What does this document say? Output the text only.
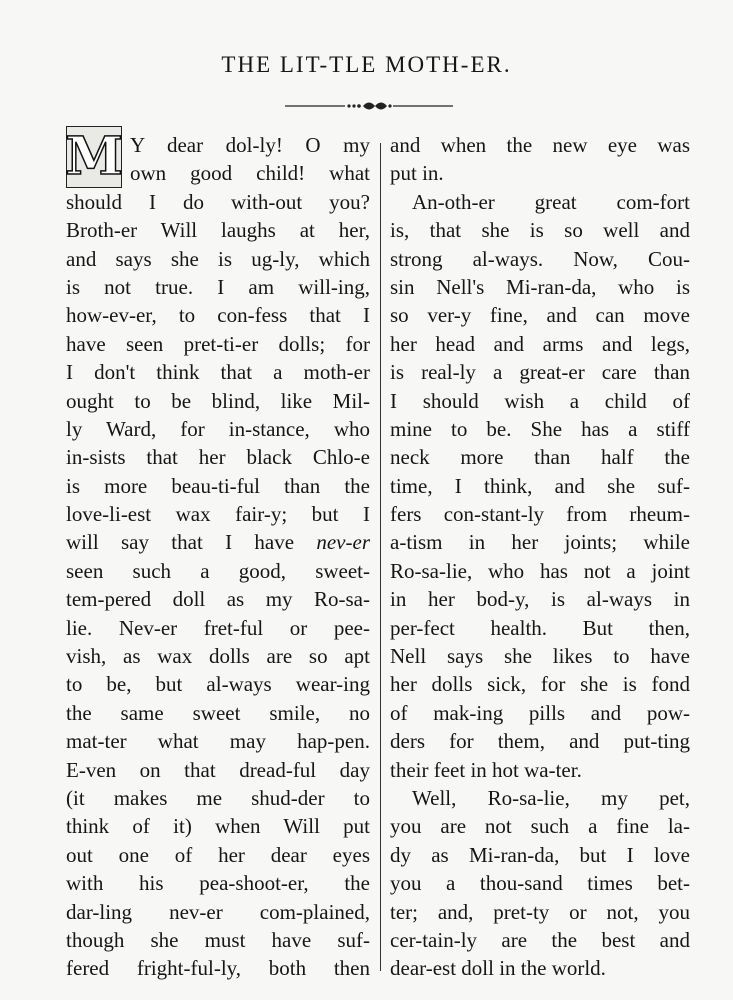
THE LIT-TLE MOTH-ER.
M Y dear dol-ly! O my
own good child! what
should I do with-out you?
Broth-er Will laughs at her,
and says she is ug-ly, which
is not true. I am will-ing,
how-ev-er, to con-fess that I
have seen pret-ti-er dolls; for
I don't think that a moth-er
ought to be blind, like Mil-
ly Ward, for in-stance, who
in-sists that her black Chlo-e
is more beau-ti-ful than the
love-li-est wax fair-y; but I
will say that I have nev-er
seen such a good, sweet-
tem-pered doll as my Ro-sa-
lie. Nev-er fret-ful or pee-
vish, as wax dolls are so apt
to be, but al-ways wear-ing
the same sweet smile, no
mat-ter what may hap-pen.
E-ven on that dread-ful day
(it makes me shud-der to
think of it) when Will put
out one of her dear eyes
with his pea-shoot-er, the
dar-ling nev-er com-plained,
though she must have suf-
fered fright-ful-ly, both then
and when the new eye was
put in.
An-oth-er great com-fort
is, that she is so well and
strong al-ways. Now, Cou-
sin Nell's Mi-ran-da, who is
so ver-y fine, and can move
her head and arms and legs,
is real-ly a great-er care than
I should wish a child of
mine to be. She has a stiff
neck more than half the
time, I think, and she suf-
fers con-stant-ly from rheum-
a-tism in her joints; while
Ro-sa-lie, who has not a joint
in her bod-y, is al-ways in
per-fect health. But then,
Nell says she likes to have
her dolls sick, for she is fond
of mak-ing pills and pow-
ders for them, and put-ting
their feet in hot wa-ter.
Well, Ro-sa-lie, my pet,
you are not such a fine la-
dy as Mi-ran-da, but I love
you a thou-sand times bet-
ter; and, pret-ty or not, you
cer-tain-ly are the best and
dear-est doll in the world.
